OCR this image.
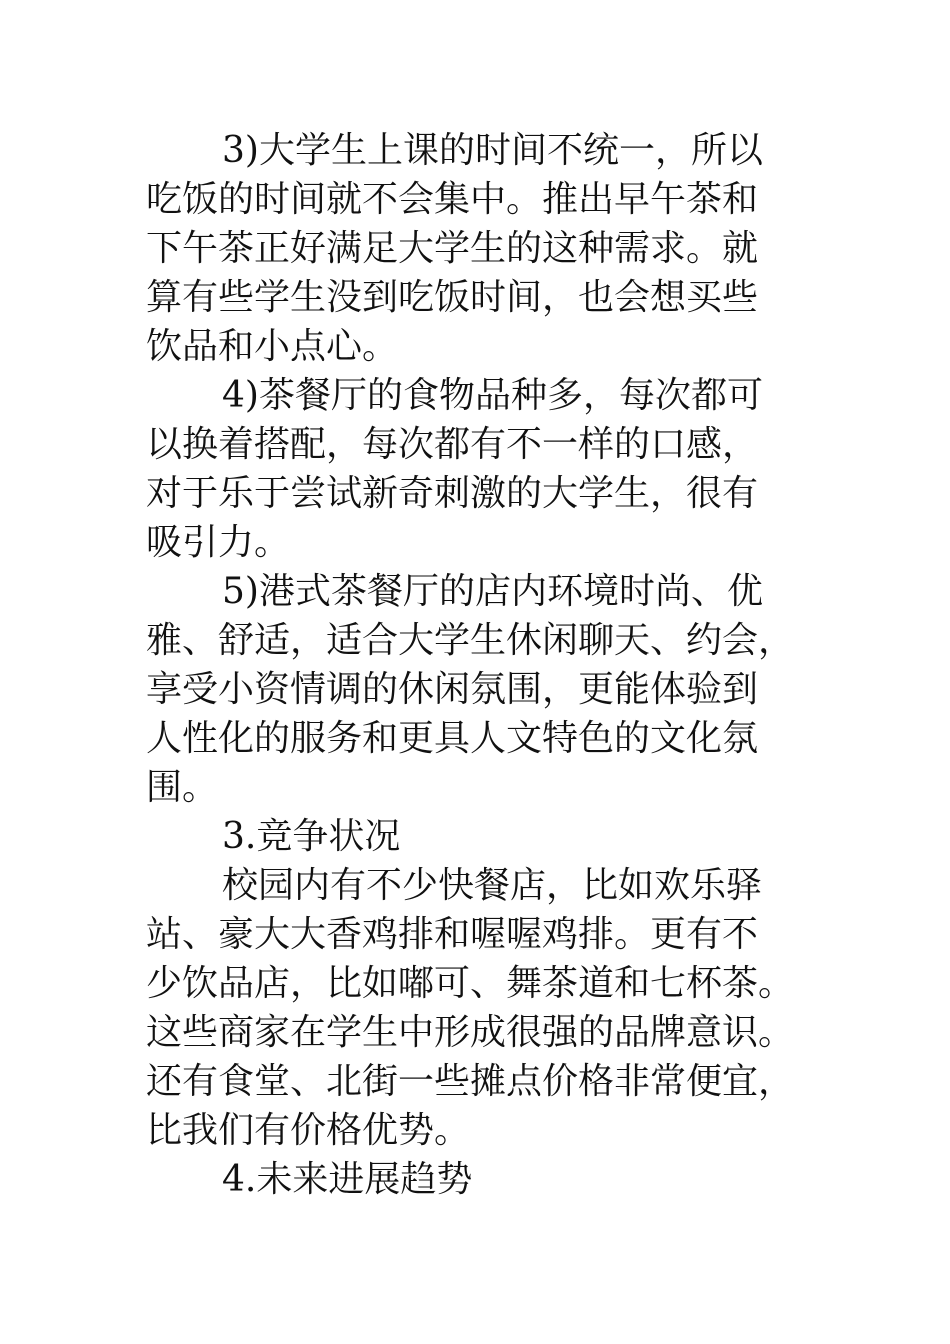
3)大学生上课的时间不统一，所以
吃饭的时间就不会集中。推出早午茶和
下午茶正好满足大学生的这种需求。就
算有些学生没到吃饭时间，也会想买些
饮品和小点心。
4)茶餐厅的食物品种多，每次都可
以换着搭配，每次都有不一样的口感，
对于乐于尝试新奇刺激的大学生，很有
吸引力。
5)港式茶餐厅的店内环境时尚、优
雅、舒适，适合大学生休闲聊天、约会，
享受小资情调的休闲氛围，更能体验到
人性化的服务和更具人文特色的文化氛
围。
3.竞争状况
校园内有不少快餐店，比如欢乐驿
站、豪大大香鸡排和喔喔鸡排。更有不
少饮品店，比如嘟可、舞茶道和七杯茶。
这些商家在学生中形成很强的品牌意识。
还有食堂、北街一些摊点价格非常便宜，
比我们有价格优势。
4.未来进展趋势
